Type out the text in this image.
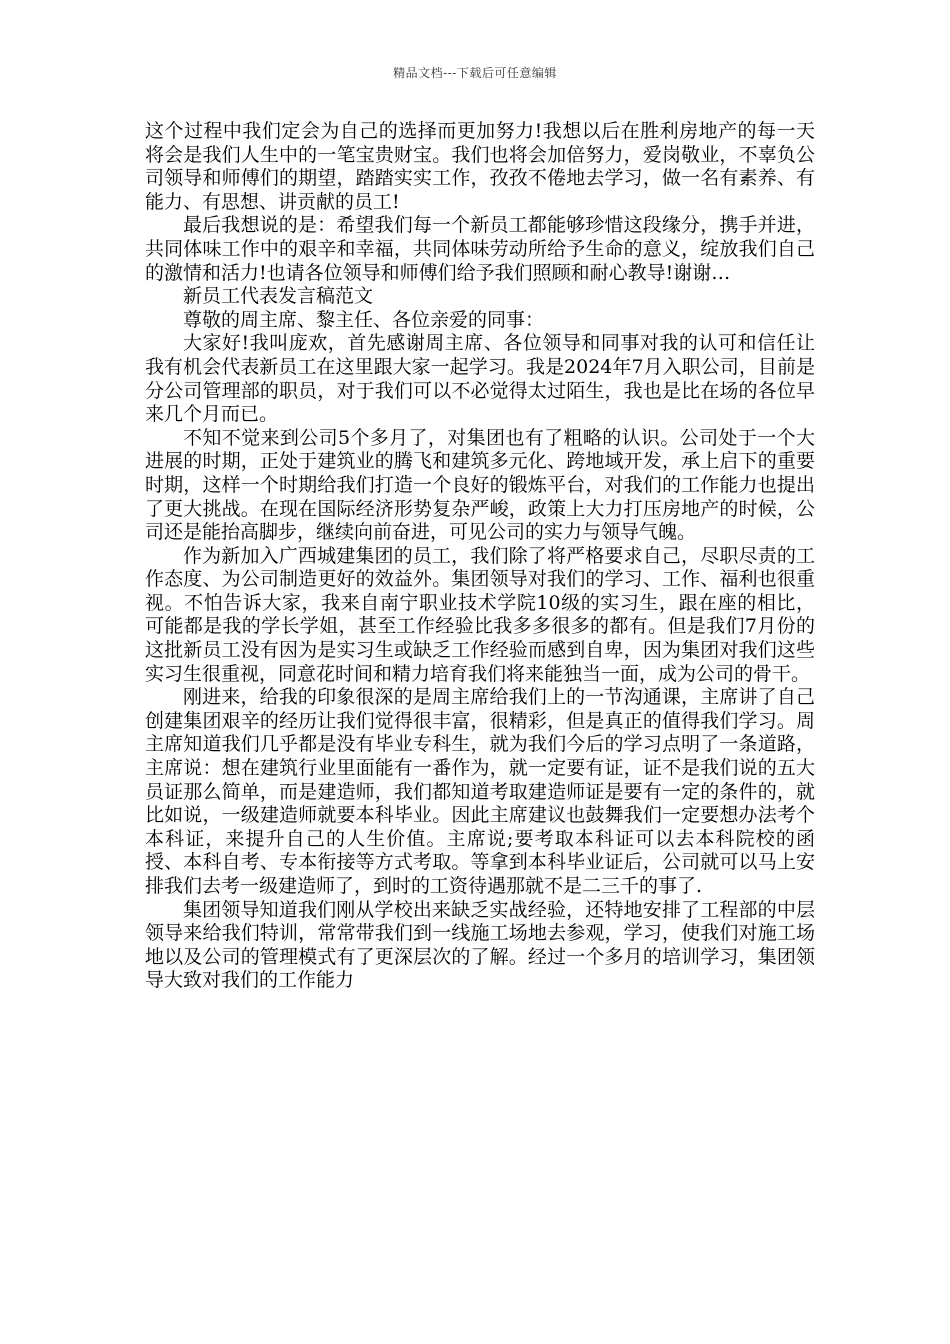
精品文档---下载后可任意编辑

这个过程中我们定会为自己的选择而更加努力!我想以后在胜利房地产的每一天将会是我们人生中的一笔宝贵财宝。我们也将会加倍努力，爱岗敬业，不辜负公司领导和师傅们的期望，踏踏实实工作，孜孜不倦地去学习，做一名有素养、有能力、有思想、讲贡献的员工!

最后我想说的是：希望我们每一个新员工都能够珍惜这段缘分，携手并进，共同体味工作中的艰辛和幸福，共同体味劳动所给予生命的意义，绽放我们自己的激情和活力!也请各位领导和师傅们给予我们照顾和耐心教导!谢谢…

新员工代表发言稿范文

尊敬的周主席、黎主任、各位亲爱的同事：

大家好!我叫庞欢，首先感谢周主席、各位领导和同事对我的认可和信任让我有机会代表新员工在这里跟大家一起学习。我是2024年7月入职公司，目前是分公司管理部的职员，对于我们可以不必觉得太过陌生，我也是比在场的各位早来几个月而已。

不知不觉来到公司5个多月了，对集团也有了粗略的认识。公司处于一个大进展的时期，正处于建筑业的腾飞和建筑多元化、跨地域开发，承上启下的重要时期，这样一个时期给我们打造一个良好的锻炼平台，对我们的工作能力也提出了更大挑战。在现在国际经济形势复杂严峻，政策上大力打压房地产的时候，公司还是能抬高脚步，继续向前奋进，可见公司的实力与领导气魄。

作为新加入广西城建集团的员工，我们除了将严格要求自己，尽职尽责的工作态度、为公司制造更好的效益外。集团领导对我们的学习、工作、福利也很重视。不怕告诉大家，我来自南宁职业技术学院10级的实习生，跟在座的相比，可能都是我的学长学姐，甚至工作经验比我多多很多的都有。但是我们7月份的这批新员工没有因为是实习生或缺乏工作经验而感到自卑，因为集团对我们这些实习生很重视，同意花时间和精力培育我们将来能独当一面，成为公司的骨干。

刚进来，给我的印象很深的是周主席给我们上的一节沟通课，主席讲了自己创建集团艰辛的经历让我们觉得很丰富，很精彩，但是真正的值得我们学习。周主席知道我们几乎都是没有毕业专科生，就为我们今后的学习点明了一条道路，主席说：想在建筑行业里面能有一番作为，就一定要有证，证不是我们说的五大员证那么简单，而是建造师，我们都知道考取建造师证是要有一定的条件的，就比如说，一级建造师就要本科毕业。因此主席建议也鼓舞我们一定要想办法考个本科证，来提升自己的人生价值。主席说;要考取本科证可以去本科院校的函授、本科自考、专本衔接等方式考取。等拿到本科毕业证后，公司就可以马上安排我们去考一级建造师了，到时的工资待遇那就不是二三千的事了.

集团领导知道我们刚从学校出来缺乏实战经验，还特地安排了工程部的中层领导来给我们特训，常常带我们到一线施工场地去参观，学习，使我们对施工场地以及公司的管理模式有了更深层次的了解。经过一个多月的培训学习，集团领导大致对我们的工作能力
